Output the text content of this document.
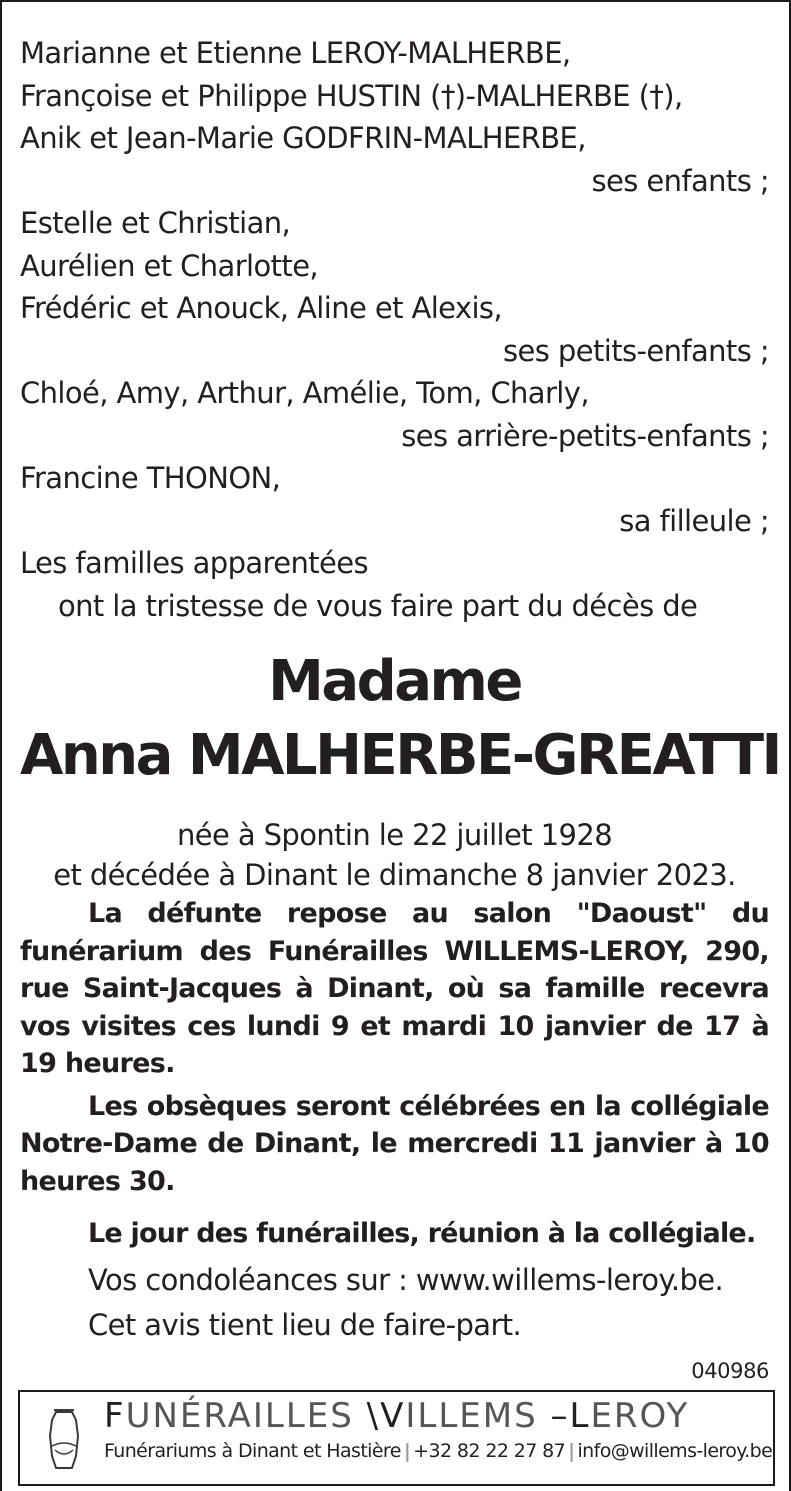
Marianne et Etienne LEROY-MALHERBE,
Françoise et Philippe HUSTIN (†)-MALHERBE (†),
Anik et Jean-Marie GODFRIN-MALHERBE,
ses enfants ;
Estelle et Christian,
Aurélien et Charlotte,
Frédéric et Anouck, Aline et Alexis,
ses petits-enfants ;
Chloé, Amy, Arthur, Amélie, Tom, Charly,
ses arrière-petits-enfants ;
Francine THONON,
sa filleule ;
Les familles apparentées
ont la tristesse de vous faire part du décès de
Madame
Anna MALHERBE-GREATTI
née à Spontin le 22 juillet 1928
et décédée à Dinant le dimanche 8 janvier 2023.
La défunte repose au salon "Daoust" du funérarium des Funérailles WILLEMS-LEROY, 290, rue Saint-Jacques à Dinant, où sa famille recevra vos visites ces lundi 9 et mardi 10 janvier de 17 à 19 heures.
Les obsèques seront célébrées en la collégiale Notre-Dame de Dinant, le mercredi 11 janvier à 10 heures 30.
Le jour des funérailles, réunion à la collégiale.
Vos condoléances sur : www.willems-leroy.be.
Cet avis tient lieu de faire-part.
040986
FUNÉRAILLES \VILLEMS –LEROY
Funérariums à Dinant et Hastière | +32 82 22 27 87 | info@willems-leroy.be
